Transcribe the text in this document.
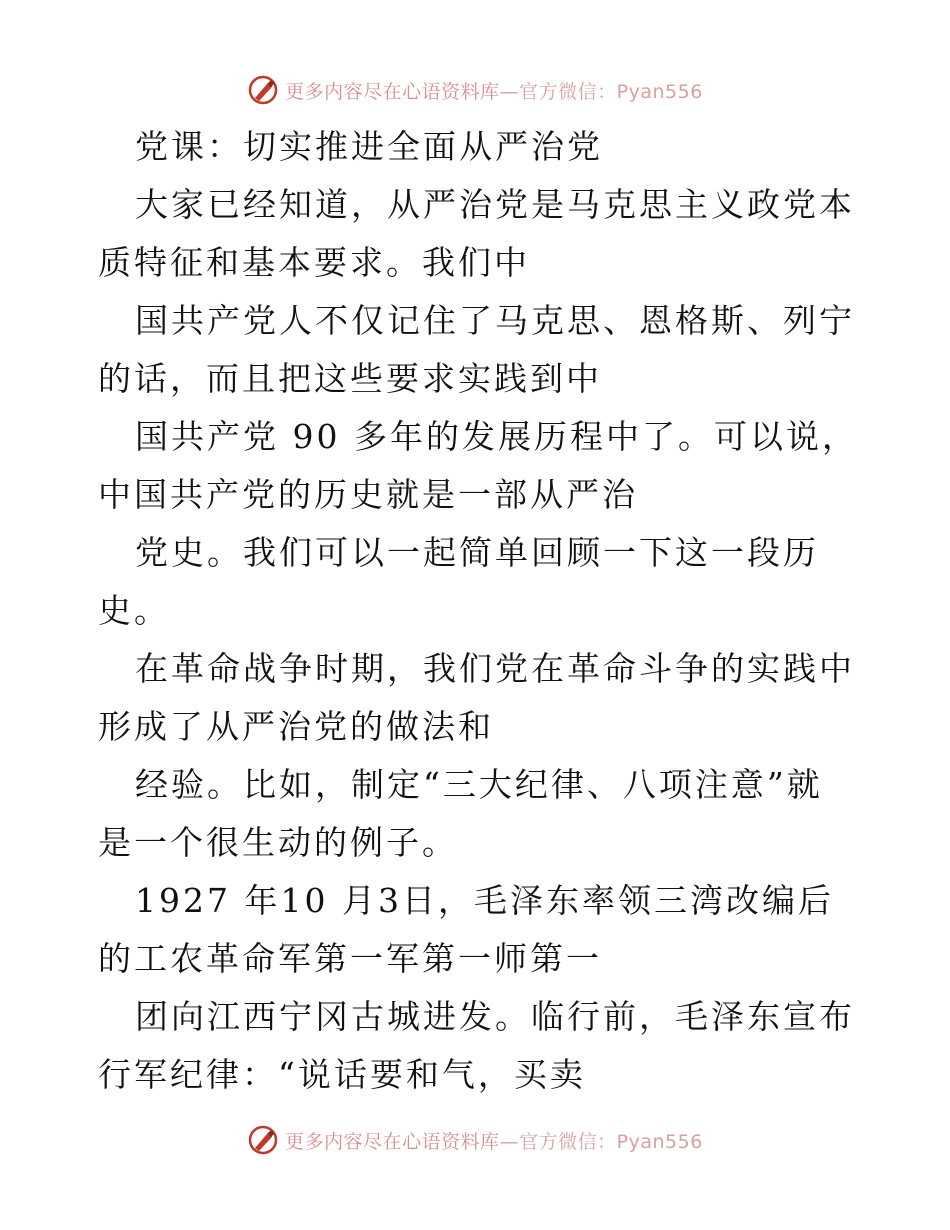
更多内容尽在心语资料库—官方微信：Pyan556

党课：切实推进全面从严治党

大家已经知道，从严治党是马克思主义政党本质特征和基本要求。我们中

国共产党人不仅记住了马克思、恩格斯、列宁的话，而且把这些要求实践到中

国共产党 90 多年的发展历程中了。可以说，中国共产党的历史就是一部从严治

党史。我们可以一起简单回顾一下这一段历史。

在革命战争时期，我们党在革命斗争的实践中形成了从严治党的做法和

经验。比如，制定“三大纪律、八项注意”就是一个很生动的例子。

1927 年10 月3日，毛泽东率领三湾改编后的工农革命军第一军第一师第一

团向江西宁冈古城进发。临行前，毛泽东宣布行军纪律：“说话要和气，买卖

更多内容尽在心语资料库—官方微信：Pyan556
